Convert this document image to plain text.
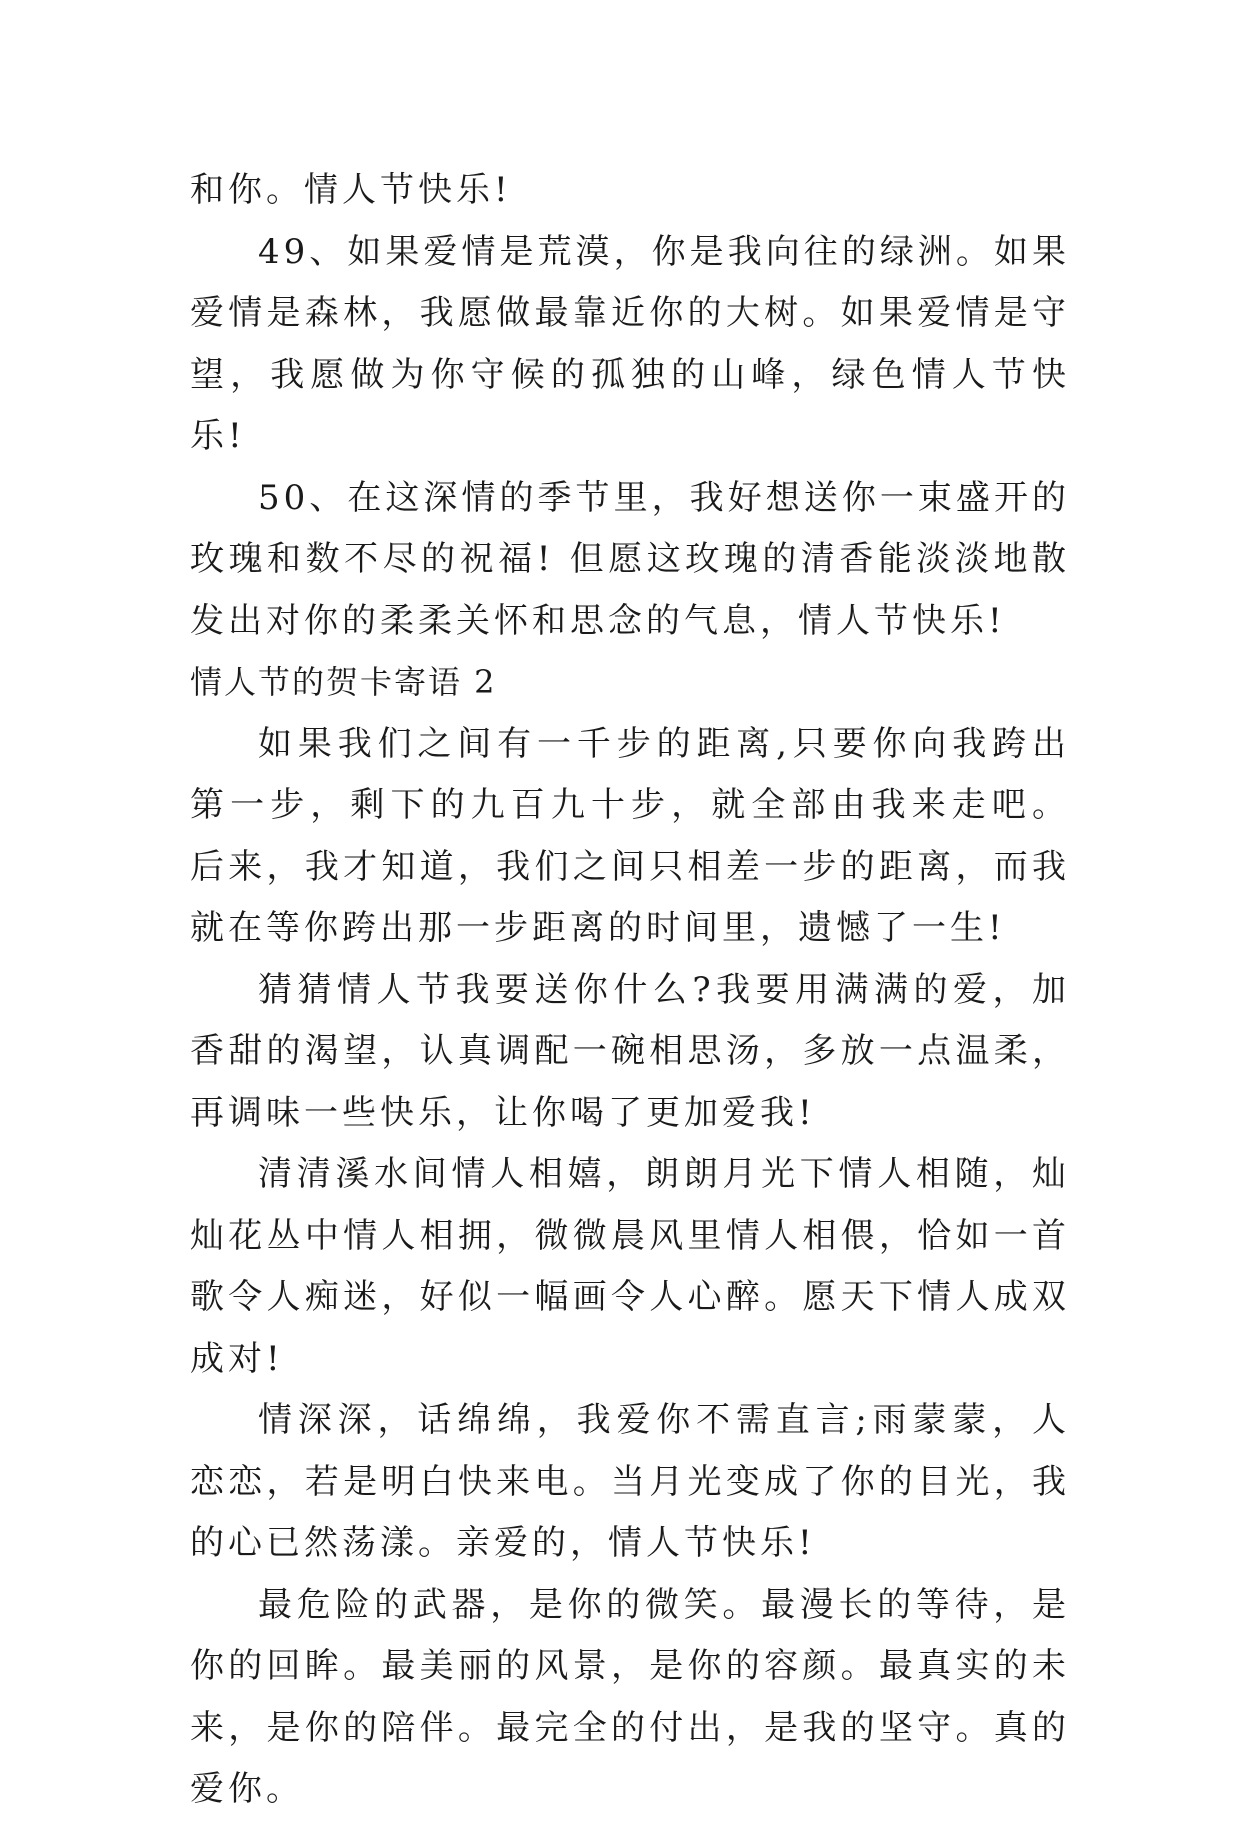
和你。情人节快乐!

49、如果爱情是荒漠，你是我向往的绿洲。如果爱情是森林，我愿做最靠近你的大树。如果爱情是守望，我愿做为你守候的孤独的山峰，绿色情人节快乐!

50、在这深情的季节里，我好想送你一束盛开的玫瑰和数不尽的祝福! 但愿这玫瑰的清香能淡淡地散发出对你的柔柔关怀和思念的气息，情人节快乐!

情人节的贺卡寄语 2

如果我们之间有一千步的距离,只要你向我跨出第一步，剩下的九百九十步，就全部由我来走吧。 后来，我才知道，我们之间只相差一步的距离，而我就在等你跨出那一步距离的时间里，遗憾了一生!

猜猜情人节我要送你什么?我要用满满的爱，加香甜的渴望，认真调配一碗相思汤，多放一点温柔，再调味一些快乐，让你喝了更加爱我!

清清溪水间情人相嬉，朗朗月光下情人相随，灿灿花丛中情人相拥，微微晨风里情人相偎，恰如一首歌令人痴迷，好似一幅画令人心醉。愿天下情人成双成对!

情深深，话绵绵，我爱你不需直言;雨蒙蒙，人恋恋，若是明白快来电。当月光变成了你的目光，我的心已然荡漾。亲爱的，情人节快乐!

最危险的武器，是你的微笑。最漫长的等待，是你的回眸。最美丽的风景，是你的容颜。最真实的未来，是你的陪伴。最完全的付出，是我的坚守。真的爱你。
